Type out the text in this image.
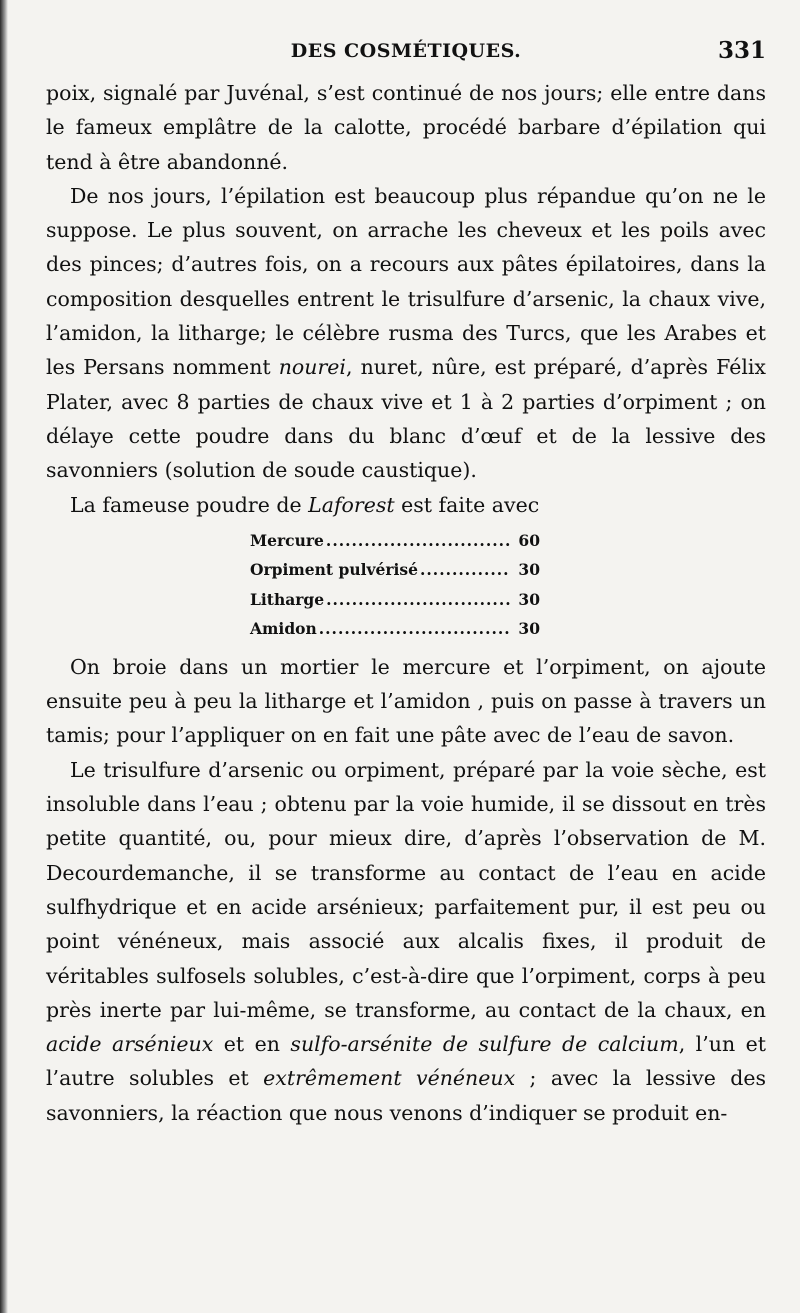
DES COSMÉTIQUES.	331

poix, signalé par Juvénal, s’est continué de nos jours; elle entre dans le fameux emplâtre de la calotte, procédé barbare d’épilation qui tend à être abandonné.

De nos jours, l’épilation est beaucoup plus répandue qu’on ne le suppose. Le plus souvent, on arrache les cheveux et les poils avec des pinces; d’autres fois, on a recours aux pâtes épilatoires, dans la composition desquelles entrent le trisulfure d’arsenic, la chaux vive, l’amidon, la litharge; le célèbre rusma des Turcs, que les Arabes et les Persans nomment nourei, nuret, nûre, est préparé, d’après Félix Plater, avec 8 parties de chaux vive et 1 à 2 parties d’orpiment ; on délaye cette poudre dans du blanc d’œuf et de la lessive des savonniers (solution de soude caustique).

La fameuse poudre de Laforest est faite avec

Mercure .....	60
Orpiment pulvérisé .....	30
Litharge .....	30
Amidon .....	30

On broie dans un mortier le mercure et l’orpiment, on ajoute ensuite peu à peu la litharge et l’amidon , puis on passe à travers un tamis; pour l’appliquer on en fait une pâte avec de l’eau de savon.

Le trisulfure d’arsenic ou orpiment, préparé par la voie sèche, est insoluble dans l’eau ; obtenu par la voie humide, il se dissout en très petite quantité, ou, pour mieux dire, d’après l’observation de M. Decourdemanche, il se transforme au contact de l’eau en acide sulfhydrique et en acide arsénieux; parfaitement pur, il est peu ou point vénéneux, mais associé aux alcalis fixes, il produit de véritables sulfosels solubles, c’est-à-dire que l’orpiment, corps à peu près inerte par lui-même, se transforme, au contact de la chaux, en acide arsénieux et en sulfo-arsénite de sulfure de calcium, l’un et l’autre solubles et extrêmement vénéneux ; avec la lessive des savonniers, la réaction que nous venons d’indiquer se produit en-
